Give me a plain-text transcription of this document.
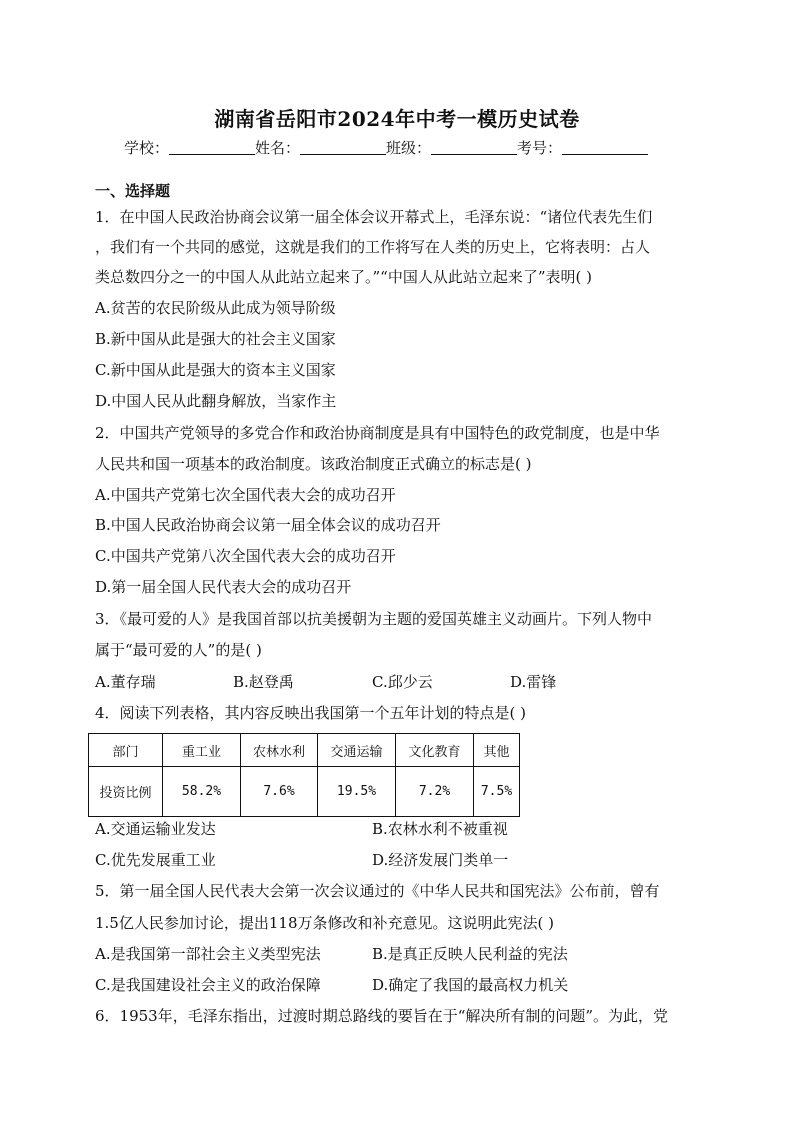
湖南省岳阳市2024年中考一模历史试卷
学校：	姓名：	班级：	考号：
一、选择题
1．在中国人民政治协商会议第一届全体会议开幕式上，毛泽东说：“诸位代表先生们
，我们有一个共同的感觉，这就是我们的工作将写在人类的历史上，它将表明：占人
类总数四分之一的中国人从此站立起来了。”“中国人从此站立起来了”表明( )
A.贫苦的农民阶级从此成为领导阶级
B.新中国从此是强大的社会主义国家
C.新中国从此是强大的资本主义国家
D.中国人民从此翻身解放，当家作主
2．中国共产党领导的多党合作和政治协商制度是具有中国特色的政党制度，也是中华
人民共和国一项基本的政治制度。该政治制度正式确立的标志是( )
A.中国共产党第七次全国代表大会的成功召开
B.中国人民政治协商会议第一届全体会议的成功召开
C.中国共产党第八次全国代表大会的成功召开
D.第一届全国人民代表大会的成功召开
3．《最可爱的人》是我国首部以抗美援朝为主题的爱国英雄主义动画片。下列人物中
属于“最可爱的人”的是( )
A.董存瑞	B.赵登禹	C.邱少云	D.雷锋
4．阅读下列表格，其内容反映出我国第一个五年计划的特点是( )
部门	重工业	农林水利	交通运输	文化教育	其他
投资比例	58.2%	7.6%	19.5%	7.2%	7.5%
A.交通运输业发达	B.农林水利不被重视
C.优先发展重工业	D.经济发展门类单一
5．第一届全国人民代表大会第一次会议通过的《中华人民共和国宪法》公布前，曾有
1.5亿人民参加讨论，提出118万条修改和补充意见。这说明此宪法( )
A.是我国第一部社会主义类型宪法	B.是真正反映人民利益的宪法
C.是我国建设社会主义的政治保障	D.确定了我国的最高权力机关
6．1953年，毛泽东指出，过渡时期总路线的要旨在于“解决所有制的问题”。为此，党
